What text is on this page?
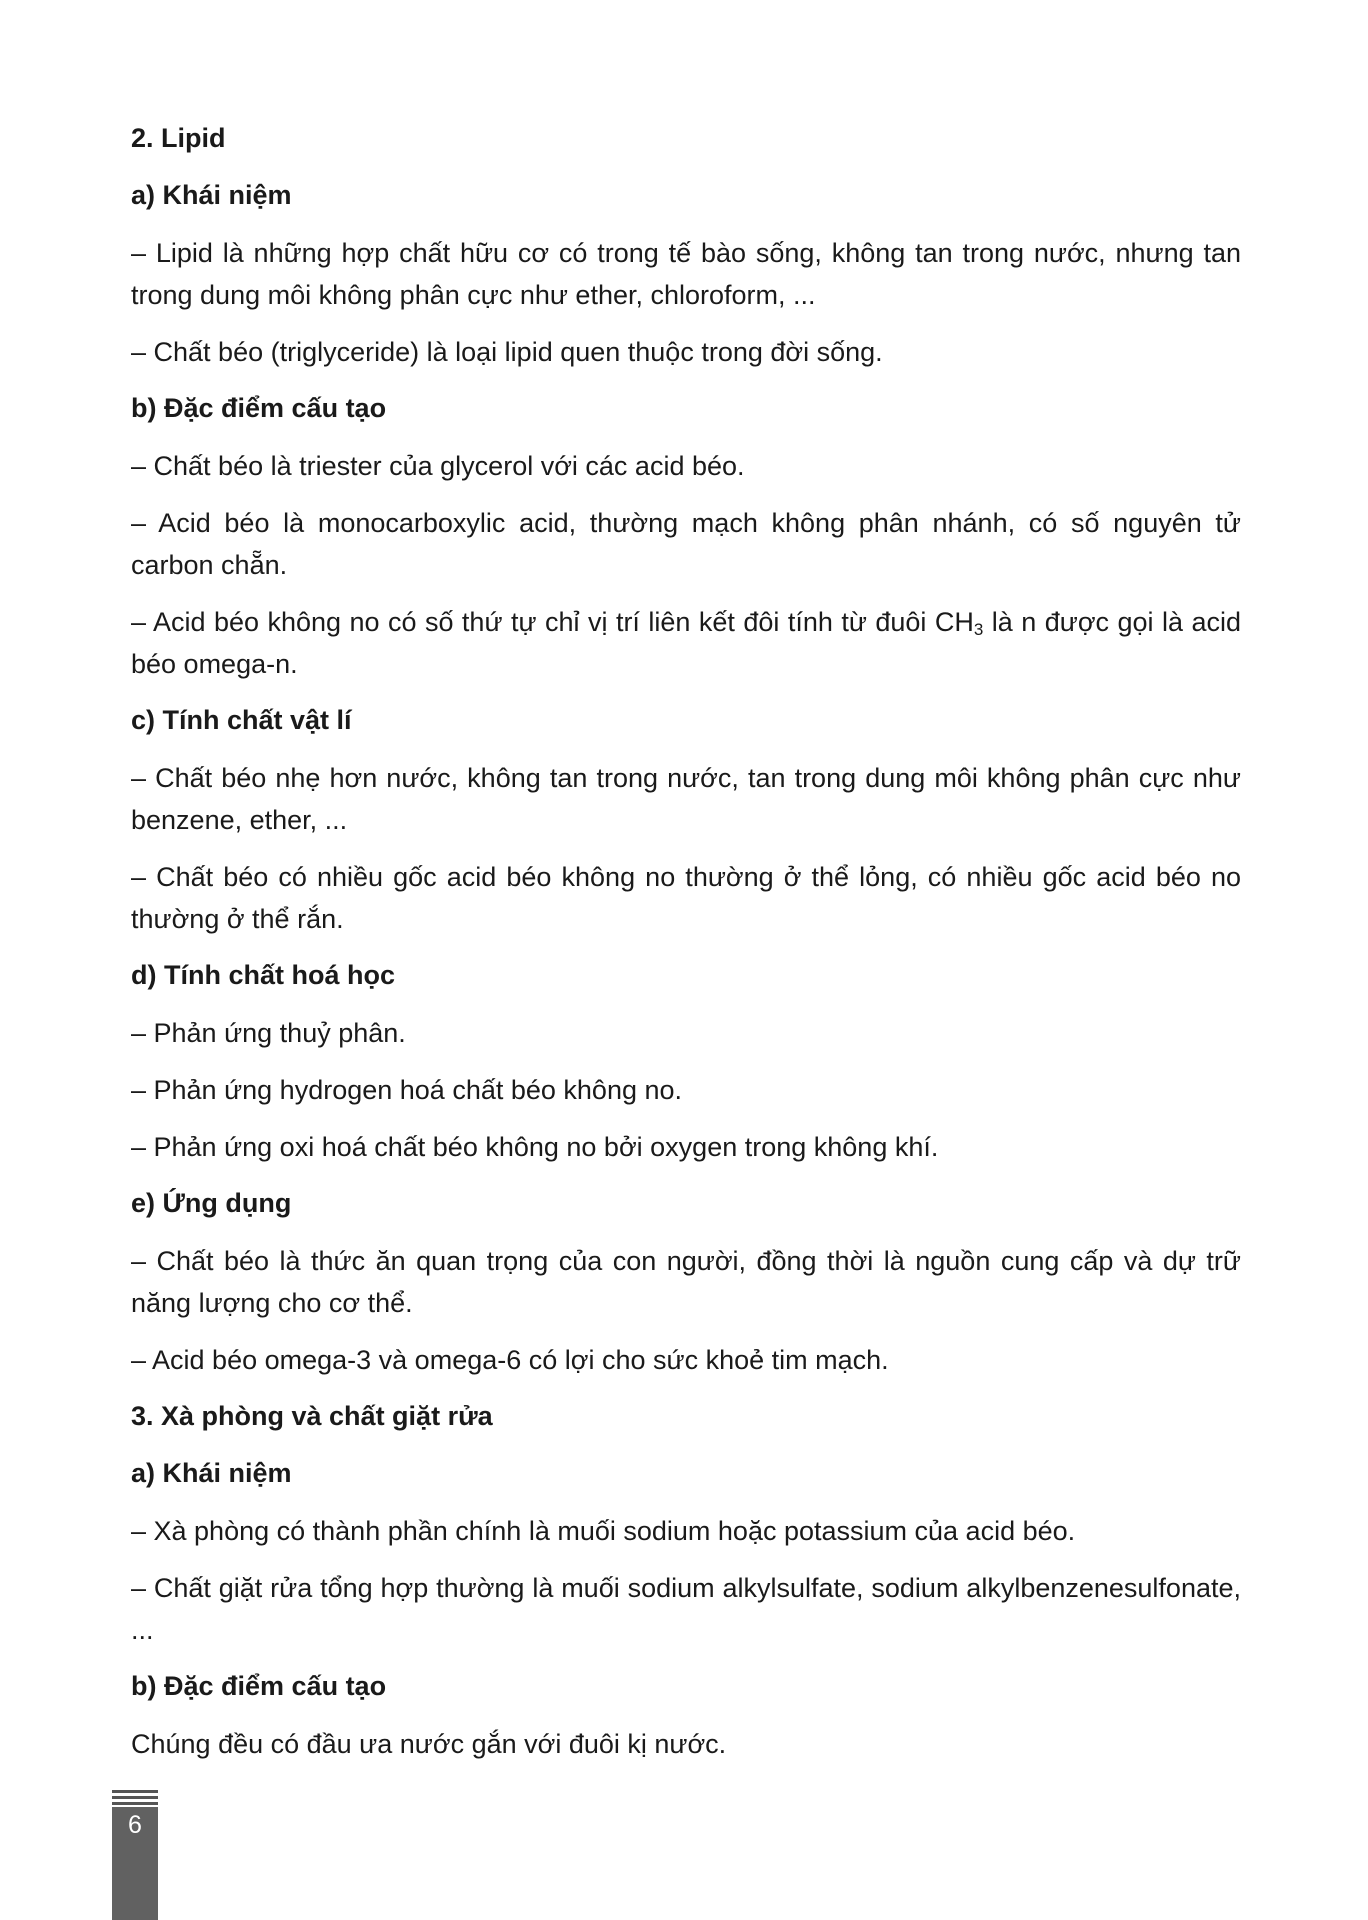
2. Lipid
a) Khái niệm
– Lipid là những hợp chất hữu cơ có trong tế bào sống, không tan trong nước, nhưng tan trong dung môi không phân cực như ether, chloroform, ...
– Chất béo (triglyceride) là loại lipid quen thuộc trong đời sống.
b) Đặc điểm cấu tạo
– Chất béo là triester của glycerol với các acid béo.
– Acid béo là monocarboxylic acid, thường mạch không phân nhánh, có số nguyên tử carbon chẵn.
– Acid béo không no có số thứ tự chỉ vị trí liên kết đôi tính từ đuôi $CH_3$ là n được gọi là acid béo omega-n.
c) Tính chất vật lí
– Chất béo nhẹ hơn nước, không tan trong nước, tan trong dung môi không phân cực như benzene, ether, ...
– Chất béo có nhiều gốc acid béo không no thường ở thể lỏng, có nhiều gốc acid béo no thường ở thể rắn.
d) Tính chất hoá học
– Phản ứng thuỷ phân.
– Phản ứng hydrogen hoá chất béo không no.
– Phản ứng oxi hoá chất béo không no bởi oxygen trong không khí.
e) Ứng dụng
– Chất béo là thức ăn quan trọng của con người, đồng thời là nguồn cung cấp và dự trữ năng lượng cho cơ thể.
– Acid béo omega-3 và omega-6 có lợi cho sức khoẻ tim mạch.
3. Xà phòng và chất giặt rửa
a) Khái niệm
– Xà phòng có thành phần chính là muối sodium hoặc potassium của acid béo.
– Chất giặt rửa tổng hợp thường là muối sodium alkylsulfate, sodium alkylbenzenesulfonate, ...
b) Đặc điểm cấu tạo
Chúng đều có đầu ưa nước gắn với đuôi kị nước.
6
